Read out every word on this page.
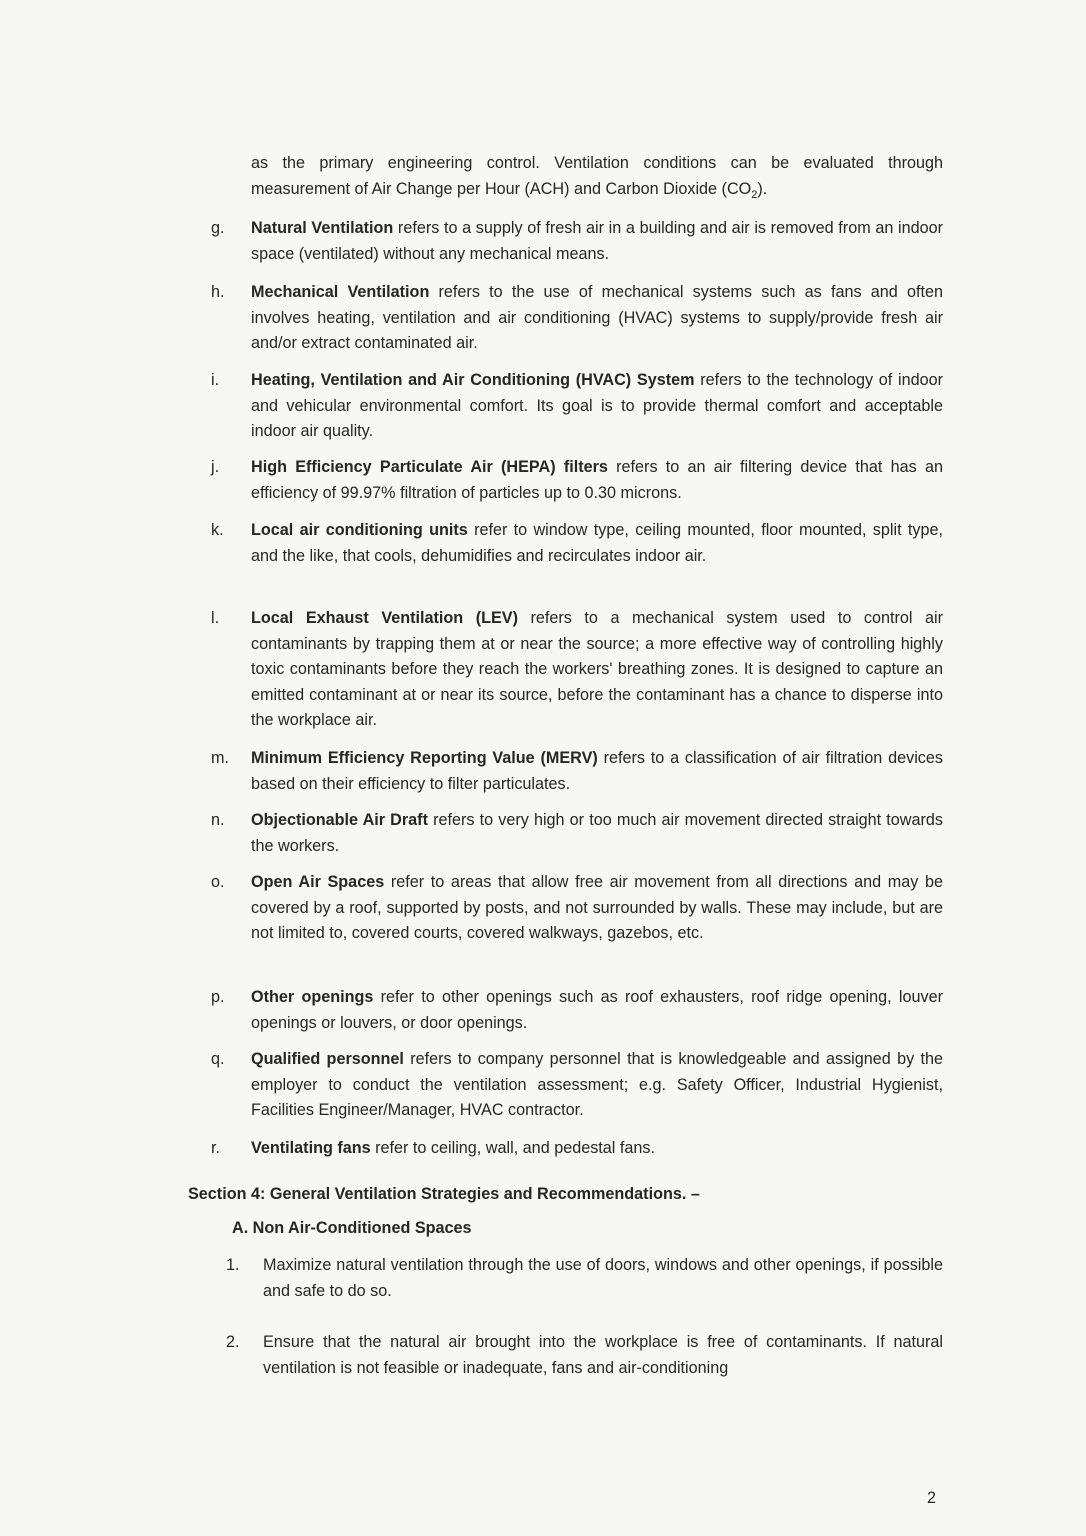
as the primary engineering control. Ventilation conditions can be evaluated through measurement of Air Change per Hour (ACH) and Carbon Dioxide $(CO_2)$.

g. Natural Ventilation refers to a supply of fresh air in a building and air is removed from an indoor space (ventilated) without any mechanical means.
h. Mechanical Ventilation refers to the use of mechanical systems such as fans and often involves heating, ventilation and air conditioning (HVAC) systems to supply/provide fresh air and/or extract contaminated air.
i. Heating, Ventilation and Air Conditioning (HVAC) System refers to the technology of indoor and vehicular environmental comfort. Its goal is to provide thermal comfort and acceptable indoor air quality.
j. High Efficiency Particulate Air (HEPA) filters refers to an air filtering device that has an efficiency of 99.97% filtration of particles up to 0.30 microns.
k. Local air conditioning units refer to window type, ceiling mounted, floor mounted, split type, and the like, that cools, dehumidifies and recirculates indoor air.
l. Local Exhaust Ventilation (LEV) refers to a mechanical system used to control air contaminants by trapping them at or near the source; a more effective way of controlling highly toxic contaminants before they reach the workers' breathing zones. It is designed to capture an emitted contaminant at or near its source, before the contaminant has a chance to disperse into the workplace air.
m. Minimum Efficiency Reporting Value (MERV) refers to a classification of air filtration devices based on their efficiency to filter particulates.
n. Objectionable Air Draft refers to very high or too much air movement directed straight towards the workers.
o. Open Air Spaces refer to areas that allow free air movement from all directions and may be covered by a roof, supported by posts, and not surrounded by walls. These may include, but are not limited to, covered courts, covered walkways, gazebos, etc.
p. Other openings refer to other openings such as roof exhausters, roof ridge opening, louver openings or louvers, or door openings.
q. Qualified personnel refers to company personnel that is knowledgeable and assigned by the employer to conduct the ventilation assessment; e.g. Safety Officer, Industrial Hygienist, Facilities Engineer/Manager, HVAC contractor.
r. Ventilating fans refer to ceiling, wall, and pedestal fans.
Section 4: General Ventilation Strategies and Recommendations. –
A. Non Air-Conditioned Spaces
1. Maximize natural ventilation through the use of doors, windows and other openings, if possible and safe to do so.
2. Ensure that the natural air brought into the workplace is free of contaminants. If natural ventilation is not feasible or inadequate, fans and air-conditioning
2
